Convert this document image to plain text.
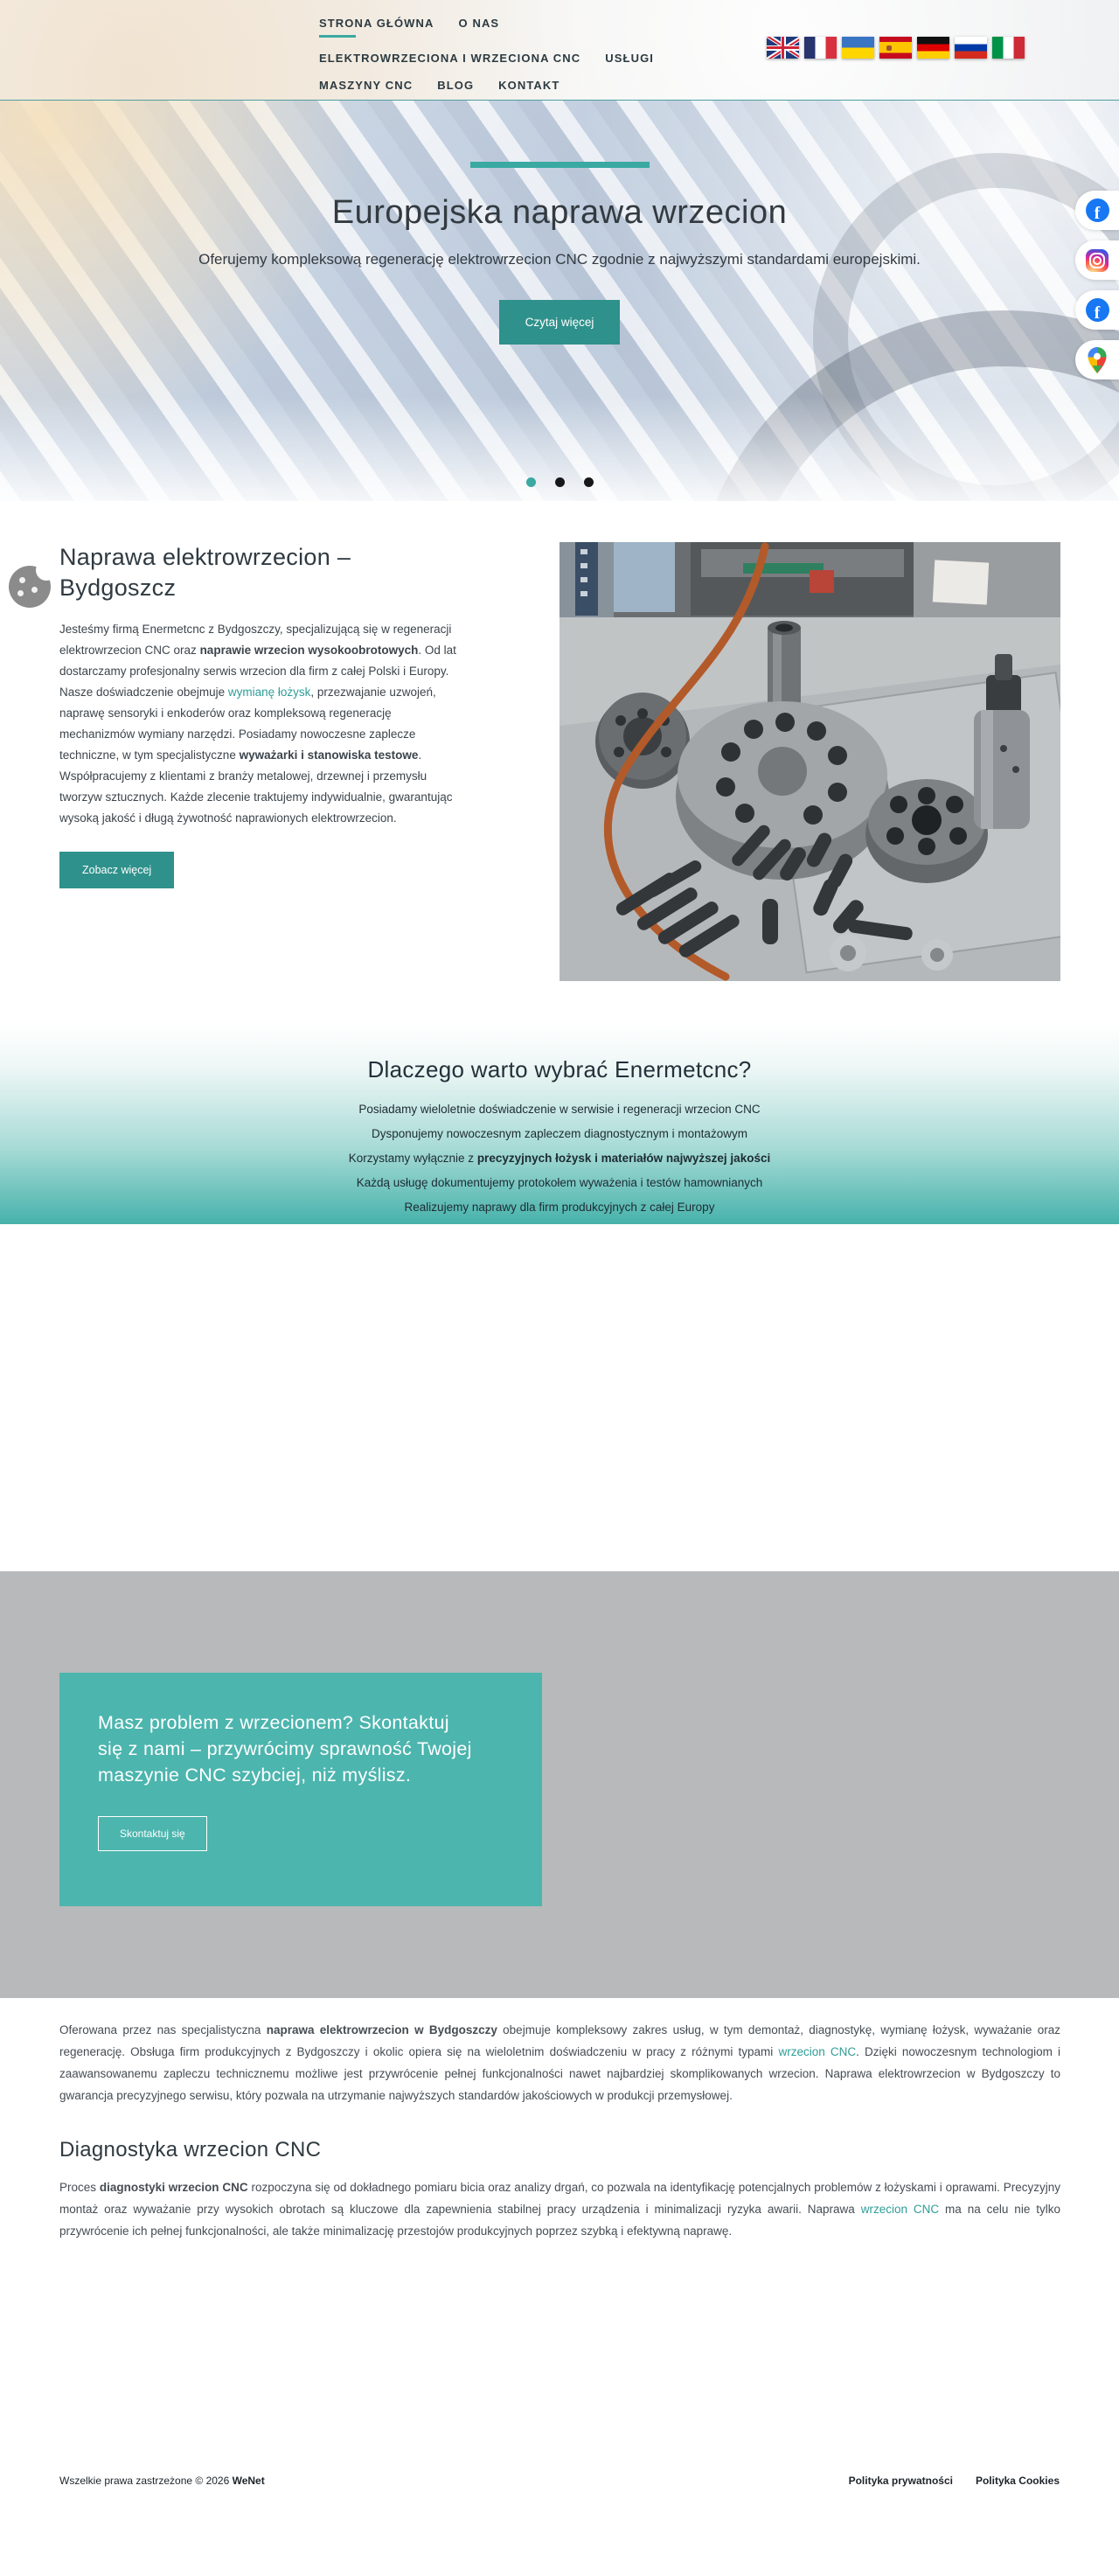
STRONA GŁÓWNA O NAS
ELEKTROWRZECIONA I WRZECIONA CNC USŁUGI
MASZYNY CNC BLOG KONTAKT
Europejska naprawa wrzecion
Oferujemy kompleksową regenerację elektrowrzecion CNC zgodnie z najwyższymi standardami europejskimi.
Czytaj więcej
f
f
Naprawa elektrowrzecion – Bydgoszcz
Jesteśmy firmą Enermetcnc z Bydgoszczy, specjalizującą się w regeneracji elektrowrzecion CNC oraz naprawie wrzecion wysokoobrotowych. Od lat dostarczamy profesjonalny serwis wrzecion dla firm z całej Polski i Europy. Nasze doświadczenie obejmuje wymianę łożysk, przezwajanie uzwojeń, naprawę sensoryki i enkoderów oraz kompleksową regenerację mechanizmów wymiany narzędzi. Posiadamy nowoczesne zaplecze techniczne, w tym specjalistyczne wyważarki i stanowiska testowe. Współpracujemy z klientami z branży metalowej, drzewnej i przemysłu tworzyw sztucznych. Każde zlecenie traktujemy indywidualnie, gwarantując wysoką jakość i długą żywotność naprawionych elektrowrzecion.
Zobacz więcej
Dlaczego warto wybrać Enermetcnc?
Posiadamy wieloletnie doświadczenie w serwisie i regeneracji wrzecion CNC
Dysponujemy nowoczesnym zapleczem diagnostycznym i montażowym
Korzystamy wyłącznie z precyzyjnych łożysk i materiałów najwyższej jakości
Każdą usługę dokumentujemy protokołem wyważenia i testów hamownianych
Realizujemy naprawy dla firm produkcyjnych z całej Europy
Masz problem z wrzecionem? Skontaktuj się z nami – przywrócimy sprawność Twojej maszynie CNC szybciej, niż myślisz.
Skontaktuj się

Oferowana przez nas specjalistyczna naprawa elektrowrzecion w Bydgoszczy obejmuje kompleksowy zakres usług, w tym demontaż, diagnostykę, wymianę łożysk, wyważanie oraz regenerację. Obsługa firm produkcyjnych z Bydgoszczy i okolic opiera się na wieloletnim doświadczeniu w pracy z różnymi typami wrzecion CNC. Dzięki nowoczesnym technologiom i zaawansowanemu zapleczu technicznemu możliwe jest przywrócenie pełnej funkcjonalności nawet najbardziej skomplikowanych wrzecion. Naprawa elektrowrzecion w Bydgoszczy to gwarancja precyzyjnego serwisu, który pozwala na utrzymanie najwyższych standardów jakościowych w produkcji przemysłowej.

Diagnostyka wrzecion CNC

Proces diagnostyki wrzecion CNC rozpoczyna się od dokładnego pomiaru bicia oraz analizy drgań, co pozwala na identyfikację potencjalnych problemów z łożyskami i oprawami. Precyzyjny montaż oraz wyważanie przy wysokich obrotach są kluczowe dla zapewnienia stabilnej pracy urządzenia i minimalizacji ryzyka awarii. Naprawa wrzecion CNC ma na celu nie tylko przywrócenie ich pełnej funkcjonalności, ale także minimalizację przestojów produkcyjnych poprzez szybką i efektywną naprawę.

Wszelkie prawa zastrzeżone © 2026 WeNet	Polityka prywatności Polityka Cookies
